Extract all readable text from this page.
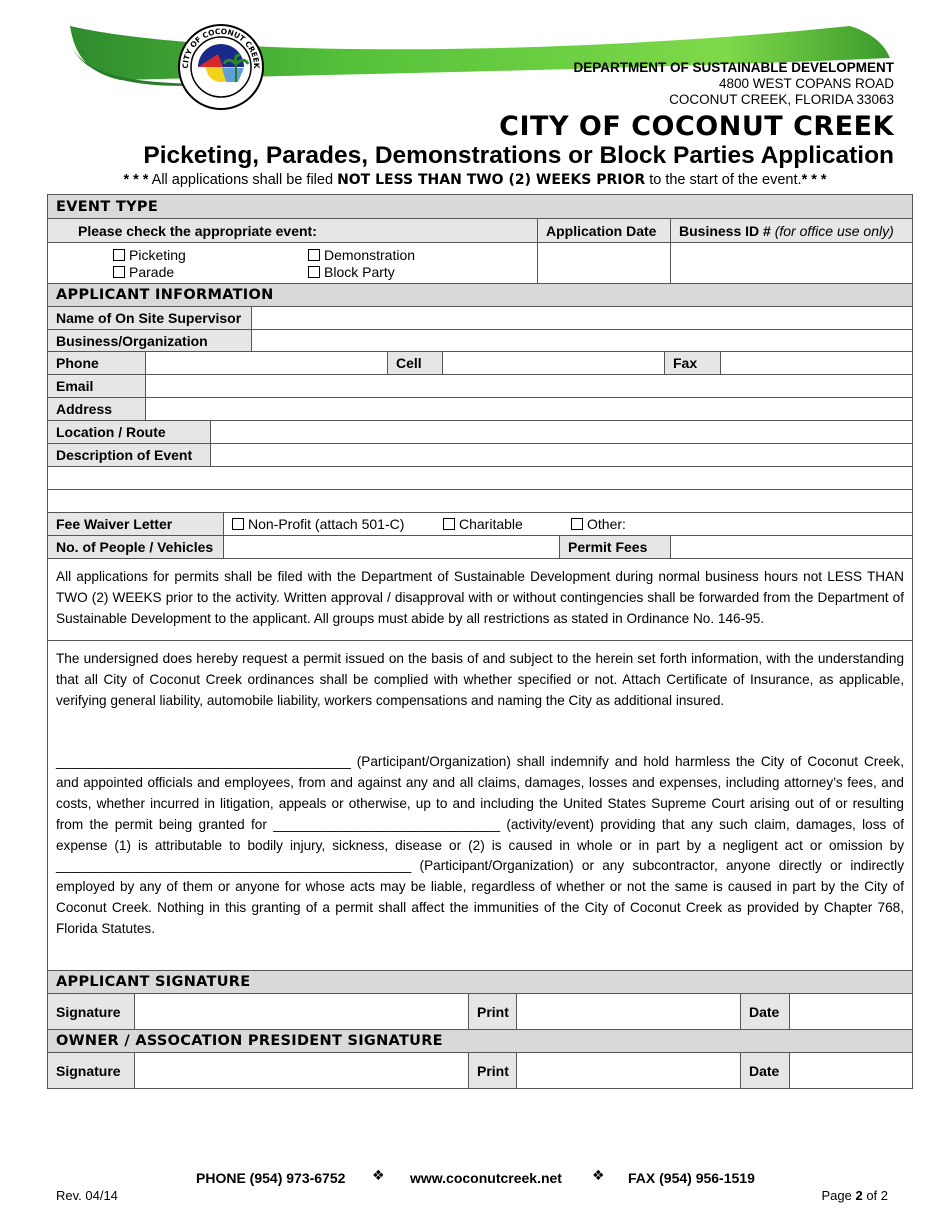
CITY OF COCONUT CREEK	DEPARTMENT OF SUSTAINABLE DEVELOPMENT
4800 WEST COPANS ROAD
COCONUT CREEK, FLORIDA 33063
CITY OF COCONUT CREEK
Picketing, Parades, Demonstrations or Block Parties Application
* * * All applications shall be filed NOT LESS THAN TWO (2) WEEKS PRIOR to the start of the event.* * *
EVENT TYPE
Please check the appropriate event:	Application Date	Business ID #
(for office use only)
Picketing
Parade
Demonstration
Block Party
APPLICANT INFORMATION
Name of On Site Supervisor
Business/Organization
Phone	Cell	Fax
Email
Address
Location / Route
Description of Event
Fee Waiver Letter	Non-Profit (attach 501-C)	Charitable	Other:
No. of People / Vehicles	Permit Fees
All applications for permits shall be filed with the Department of Sustainable Development during normal business hours not LESS THAN TWO (2) WEEKS prior to the activity. Written approval / disapproval with or without contingencies shall be forwarded from the Department of Sustainable Development to the applicant. All groups must abide by all restrictions as stated in Ordinance No. 146-95.
The undersigned does hereby request a permit issued on the basis of and subject to the herein set forth information, with the understanding that all City of Coconut Creek ordinances shall be complied with whether specified or not. Attach Certificate of Insurance, as applicable, verifying general liability, automobile liability, workers compensations and naming the City as additional insured.
_______________________________________ (Participant/Organization) shall indemnify and hold harmless the City of Coconut Creek, and appointed officials and employees, from and against any and all claims, damages, losses and expenses, including attorney’s fees, and costs, whether incurred in litigation, appeals or otherwise, up to and including the United States Supreme Court arising out of or resulting from the permit being granted for ______________________________ (activity/event) providing that any such claim, damages, loss of expense (1) is attributable to bodily injury, sickness, disease or (2) is caused in whole or in part by a negligent act or omission by _______________________________________________ (Participant/Organization) or any subcontractor, anyone directly or indirectly employed by any of them or anyone for whose acts may be liable, regardless of whether or not the same is caused in part by the City of Coconut Creek. Nothing in this granting of a permit shall affect the immunities of the City of Coconut Creek as provided by Chapter 768, Florida Statutes.
APPLICANT SIGNATURE
Signature	Print	Date
OWNER / ASSOCATION PRESIDENT SIGNATURE
Signature	Print	Date
PHONE (954) 973-6752 ❖ www.coconutcreek.net ❖ FAX (954) 956-1519
Rev. 04/14	Page 2 of 2
